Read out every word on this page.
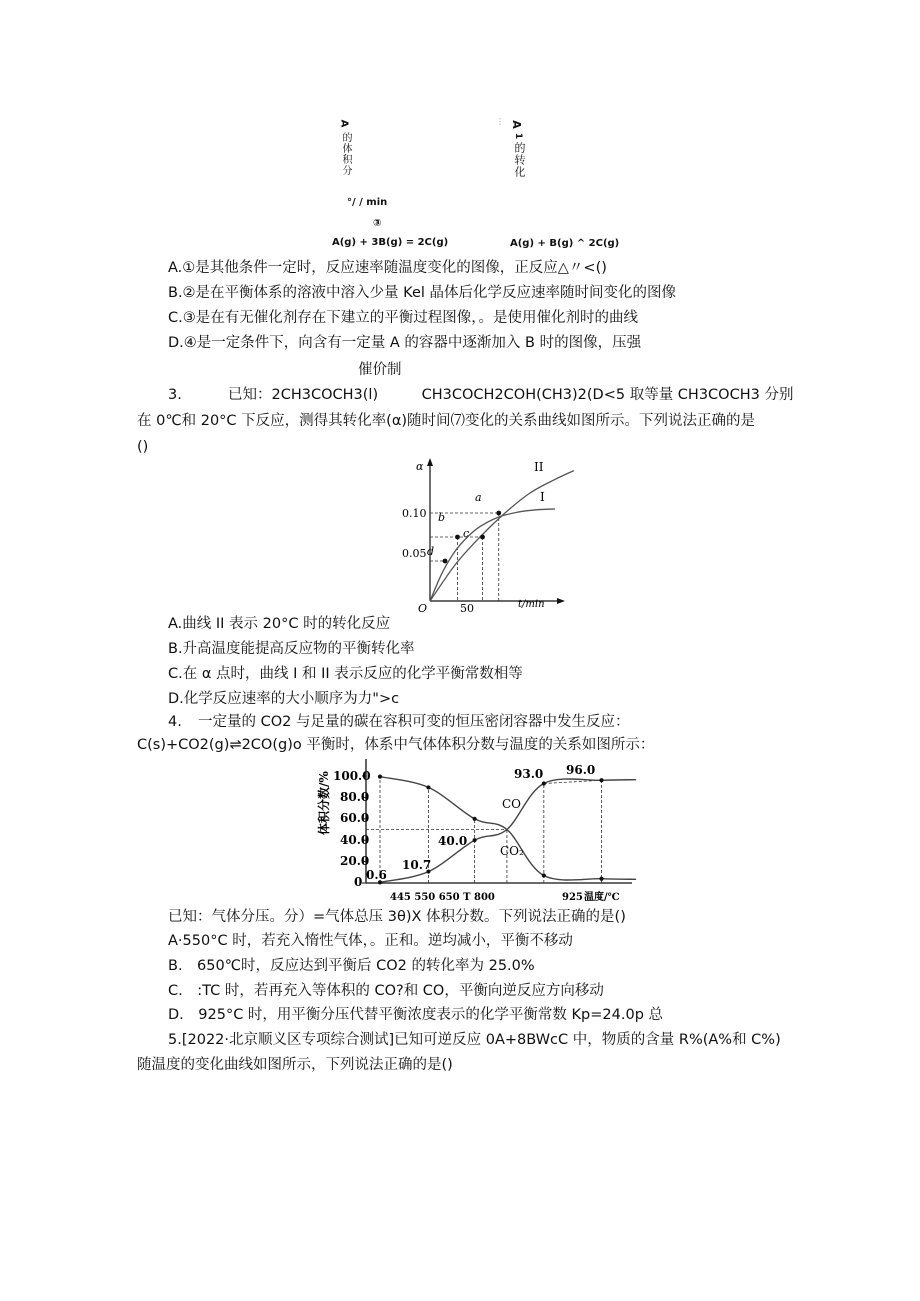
A
的体积分
... A
1
的转化
°/ / min
③
A(g) + 3B(g) = 2C(g)	A(g) + B(g) ^ 2C(g)
A.①是其他条件一定时，反应速率随温度变化的图像，正反应△〃<()
B.②是在平衡体系的溶液中溶入少量 Kel 晶体后化学反应速率随时间变化的图像
C.③是在有无催化剂存在下建立的平衡过程图像，。是使用催化剂时的曲线
D.④是一定条件下，向含有一定量 A 的容器中逐渐加入 B 时的图像，压强
催价制
3.	已知：2CH3COCH3(l)　　　CH3COCH2COH(CH3)2(D<5 取等量 CH3COCH3 分别
在 0℃和 20°C 下反应，测得其转化率(α)随时间⑺变化的关系曲线如图所示。下列说法正确的是
()
α
O
0.05
0.10
50	t/min
II
I
a
b
c
d
A.曲线 II 表示 20°C 时的转化反应
B.升高温度能提高反应物的平衡转化率
C.在 α 点时，曲线 I 和 II 表示反应的化学平衡常数相等
D.化学反应速率的大小顺序为力">c
4. 一定量的 CO2 与足量的碳在容积可变的恒压密闭容器中发生反应：
C(s)+CO2(g)⇌2CO(g)o 平衡时，体系中气体体积分数与温度的关系如图所示：
体积分数/% 100.0
80.0
60.0
40.0
20.0
0 0.6
10.7
40.0
93.0 96.0
CO
CO₂
445 550 650 T 800	925 温度/℃
已知：气体分压。分）=气体总压 3θ)X 体积分数。下列说法正确的是()
A·550°C 时，若充入惰性气体，。正和。逆均减小，平衡不移动
B.　650℃时，反应达到平衡后 CO2 的转化率为 25.0%
C.　:TC 时，若再充入等体积的 CO?和 CO，平衡向逆反应方向移动
D.　925°C 时，用平衡分压代替平衡浓度表示的化学平衡常数 Kp=24.0p 总
5.[2022·北京顺义区专项综合测试]已知可逆反应 0A+8BWcC 中，物质的含量 R%(A%和 C%)
随温度的变化曲线如图所示，下列说法正确的是()
